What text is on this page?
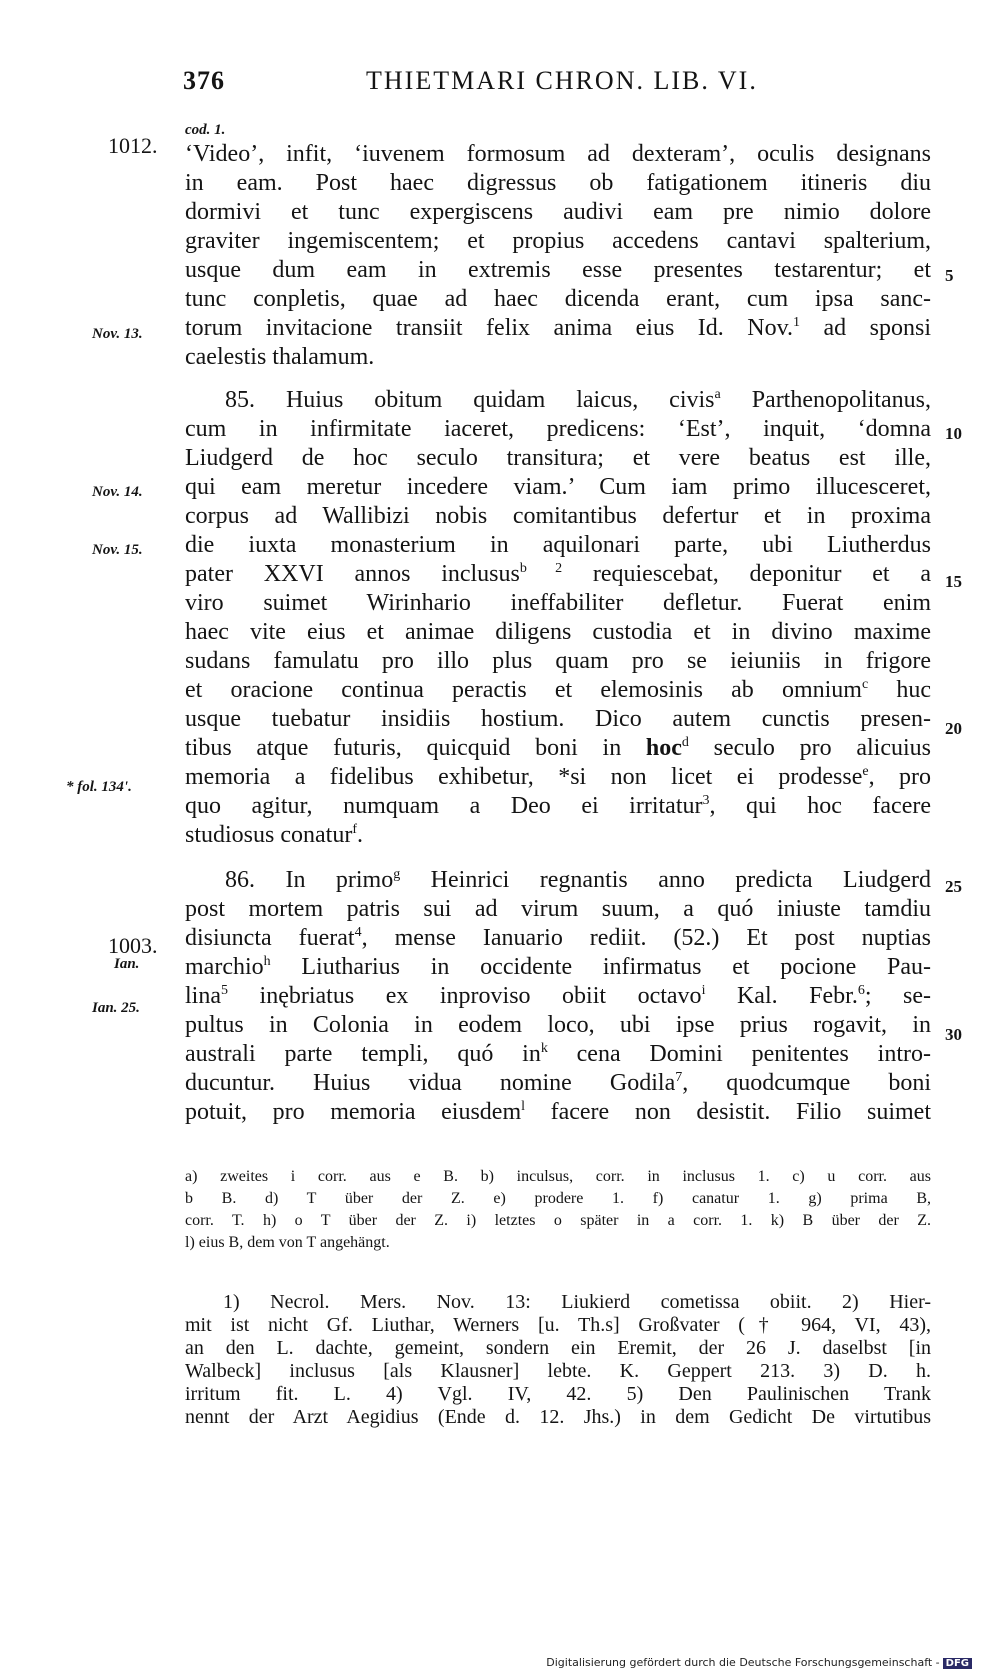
376	THIETMARI CHRON. LIB. VI.
1012.
Nov. 13.
Nov. 14.
Nov. 15.
* fol. 134'.
1003.
Ian.
Ian. 25.
5
10
15
20
25
30
cod. 1.
‘Video’, infit, ‘iuvenem formosum ad dexteram’, oculis designans
in eam. Post haec digressus ob fatigationem itineris diu
dormivi et tunc expergiscens audivi eam pre nimio dolore
graviter ingemiscentem; et propius accedens cantavi spalterium,
usque dum eam in extremis esse presentes testarentur; et
tunc conpletis, quae ad haec dicenda erant, cum ipsa sanc-
torum invitacione transiit felix anima eius Id. Nov.$^1$ ad sponsi
caelestis thalamum.
85. Huius obitum quidam laicus, civis$^a$ Parthenopolitanus,
cum in infirmitate iaceret, predicens: ‘Est’, inquit, ‘domna
Liudgerd de hoc seculo transitura; et vere beatus est ille,
qui eam meretur incedere viam.’ Cum iam primo illucesceret,
corpus ad Wallibizi nobis comitantibus defertur et in proxima
die iuxta monasterium in aquilonari parte, ubi Liutherdus
pater XXVI annos inclusus$^{b 2}$ requiescebat, deponitur et a
viro suimet Wirinhario ineffabiliter defletur. Fuerat enim
haec vite eius et animae diligens custodia et in divino maxime
sudans famulatu pro illo plus quam pro se ieiuniis in frigore
et oracione continua peractis et elemosinis ab omnium$^c$ huc
usque tuebatur insidiis hostium. Dico autem cunctis presen-
tibus atque futuris, quicquid boni in hoc$^d$ seculo pro alicuius
memoria a fidelibus exhibetur, *si non licet ei prodesse$^e$, pro
quo agitur, numquam a Deo ei irritatur$^3$, qui hoc facere
studiosus conatur$^f$.
86. In primo$^g$ Heinrici regnantis anno predicta Liudgerd
post mortem patris sui ad virum suum, a quó iniuste tamdiu
disiuncta fuerat$^4$, mense Ianuario rediit. (52.) Et post nuptias
marchio$^h$ Liutharius in occidente infirmatus et pocione Pau-
lina$^5$ inębriatus ex inproviso obiit octavo$^i$ Kal. Febr.$^6$; se-
pultus in Colonia in eodem loco, ubi ipse prius rogavit, in
australi parte templi, quó $in^k$ cena Domini penitentes intro-
ducuntur. Huius vidua nomine Godila$^7$, quodcumque boni
potuit, pro memoria eiusdem$^l$ facere non desistit. Filio suimet
a) zweites i corr. aus e B. b) inculsus, corr. in inclusus 1. c) u corr. aus
b B. d) T über der Z. e) prodere 1. f) canatur 1. g) prima B,
corr. T. h) o T über der Z. i) letztes o später in a corr. 1. k) B über der Z.
l) eius B, dem von T angehängt.
1) Necrol. Mers. Nov. 13: Liukierd cometissa obiit. 2) Hier-
mit ist nicht Gf. Liuthar, Werners [u. Th.s] Großvater († 964, VI, 43),
an den L. dachte, gemeint, sondern ein Eremit, der 26 J. daselbst [in
Walbeck] inclusus [als Klausner] lebte. K. Geppert 213. 3) D. h.
irritum fit. L. 4) Vgl. IV, 42. 5) Den Paulinischen Trank
nennt der Arzt Aegidius (Ende d. 12. Jhs.) in dem Gedicht De virtutibus
Digitalisierung gefördert durch die Deutsche Forschungsgemeinschaft - DFG
